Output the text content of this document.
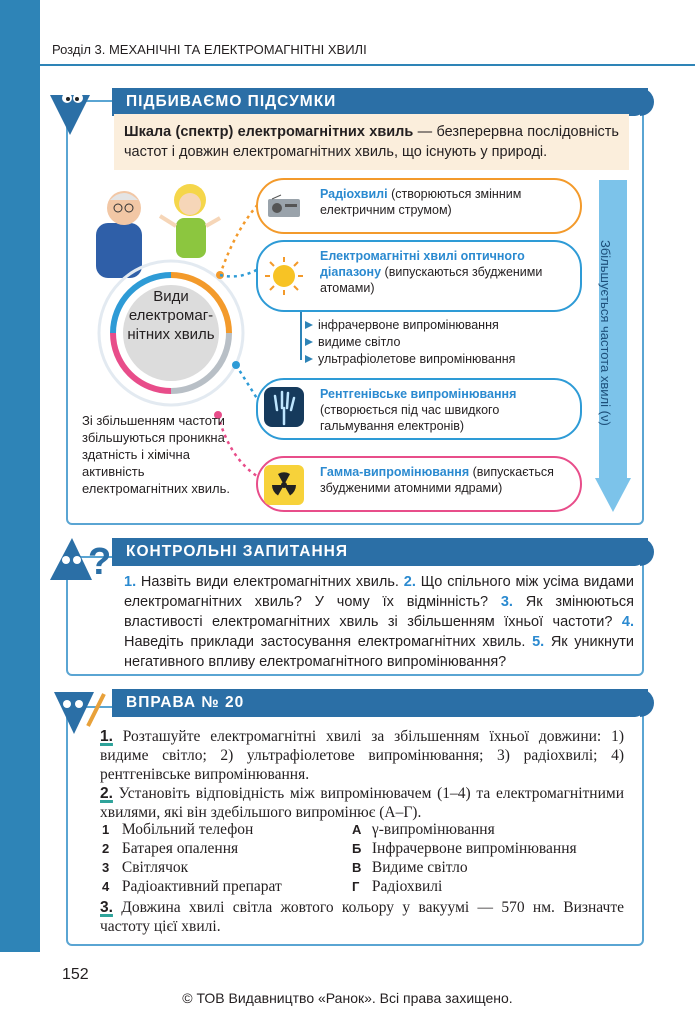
Розділ 3. МЕХАНІЧНІ ТА ЕЛЕКТРОМАГНІТНІ ХВИЛІ
ПІДБИВАЄМО ПІДСУМКИ
Шкала (спектр) електромагнітних хвиль — безперервна послідовність частот і довжин електромагнітних хвиль, що існують у природі.
Види електромаг-нітних хвиль
Зі збільшенням частоти збільшуються проникна здатність і хімічна активність електромагнітних хвиль.
Радіохвилі (створюються змінним електричним струмом)
Електромагнітні хвилі оптичного діапазону (випускаються збудженими атомами)
інфрачервоне випромінювання
видиме світло
ультрафіолетове випромінювання
Рентгенівське випромінювання (створюється під час швидкого гальмування електронів)
Гамма-випромінювання (випускається збудженими атомними ядрами)
Збільшується частота хвилі (ν)
КОНТРОЛЬНІ ЗАПИТАННЯ
? 1. Назвіть види електромагнітних хвиль. 2. Що спільного між усіма видами електромагнітних хвиль? У чому їх відмінність? 3. Як змінюються властивості електромагнітних хвиль зі збільшенням їхньої частоти? 4. Наведіть приклади застосування електромагнітних хвиль. 5. Як уникнути негативного впливу електромагнітного випромінювання?
ВПРАВА № 20
1. Розташуйте електромагнітні хвилі за збільшенням їхньої довжини: 1) видиме світло; 2) ультрафіолетове випромінювання; 3) радіохвилі; 4) рентгенівське випромінювання.
2. Установіть відповідність між випромінювачем (1–4) та електромагнітними хвилями, які він здебільшого випромінює (А–Г).
1 Мобільний телефон
2 Батарея опалення
3 Світлячок
4 Радіоактивний препарат
А γ-випромінювання
Б Інфрачервоне випромінювання
В Видиме світло
Г Радіохвилі
3. Довжина хвилі світла жовтого кольору у вакуумі — 570 нм. Визначте частоту цієї хвилі.
152
© ТОВ Видавництво «Ранок». Всі права захищено.
